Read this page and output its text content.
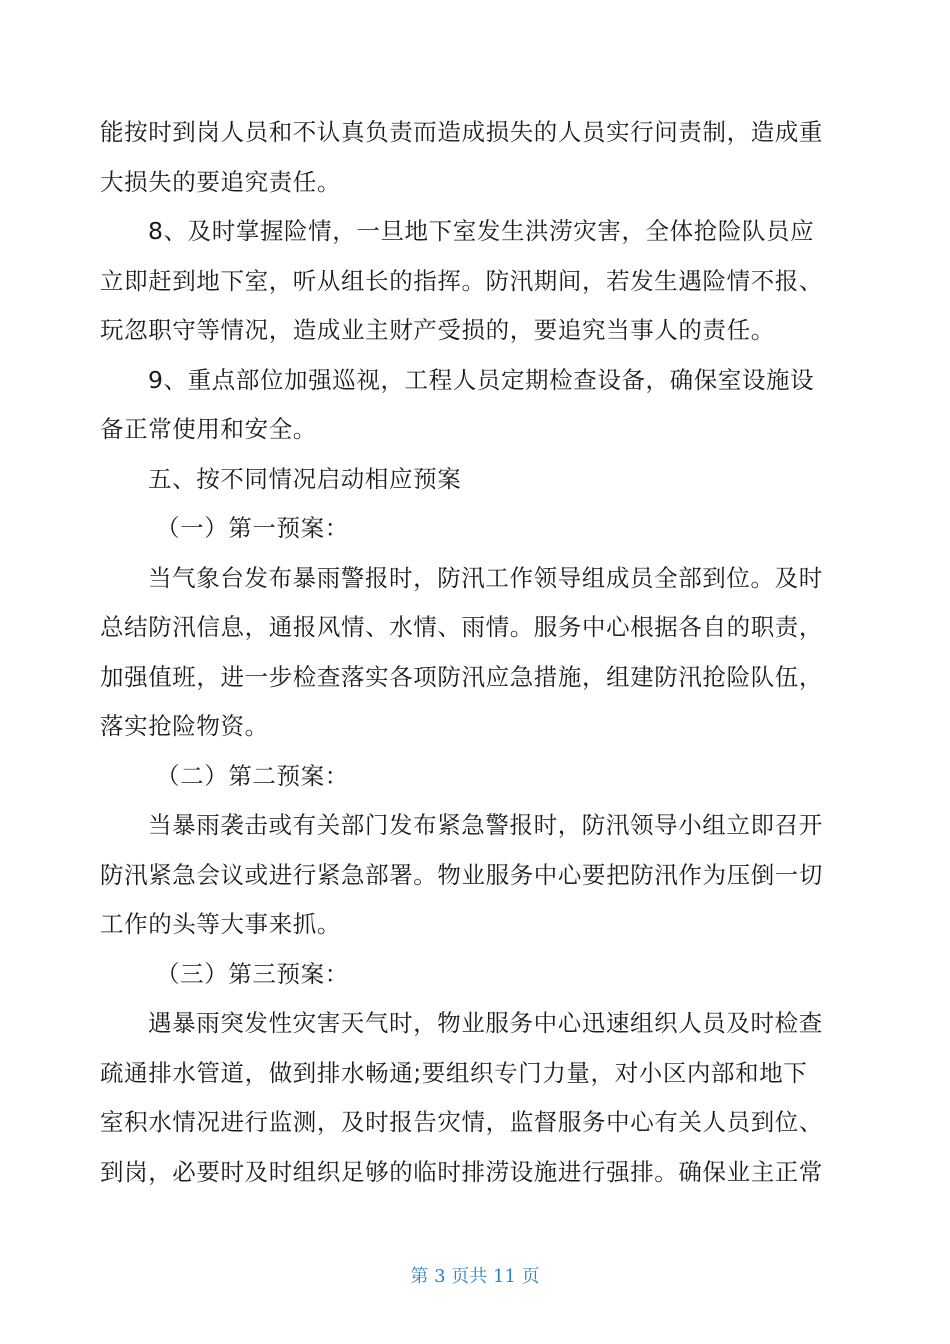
能按时到岗人员和不认真负责而造成损失的人员实行问责制，造成重
大损失的要追究责任。
8、及时掌握险情，一旦地下室发生洪涝灾害，全体抢险队员应
立即赶到地下室，听从组长的指挥。防汛期间，若发生遇险情不报、
玩忽职守等情况，造成业主财产受损的，要追究当事人的责任。
9、重点部位加强巡视，工程人员定期检查设备，确保室设施设
备正常使用和安全。
五、按不同情况启动相应预案
（一）第一预案：
当气象台发布暴雨警报时，防汛工作领导组成员全部到位。及时
总结防汛信息，通报风情、水情、雨情。服务中心根据各自的职责，
加强值班，进一步检查落实各项防汛应急措施，组建防汛抢险队伍，
落实抢险物资。
（二）第二预案：
当暴雨袭击或有关部门发布紧急警报时，防汛领导小组立即召开
防汛紧急会议或进行紧急部署。物业服务中心要把防汛作为压倒一切
工作的头等大事来抓。
（三）第三预案：
遇暴雨突发性灾害天气时，物业服务中心迅速组织人员及时检查
疏通排水管道，做到排水畅通;要组织专门力量，对小区内部和地下
室积水情况进行监测，及时报告灾情，监督服务中心有关人员到位、
到岗，必要时及时组织足够的临时排涝设施进行强排。确保业主正常
第 3 页共 11 页
